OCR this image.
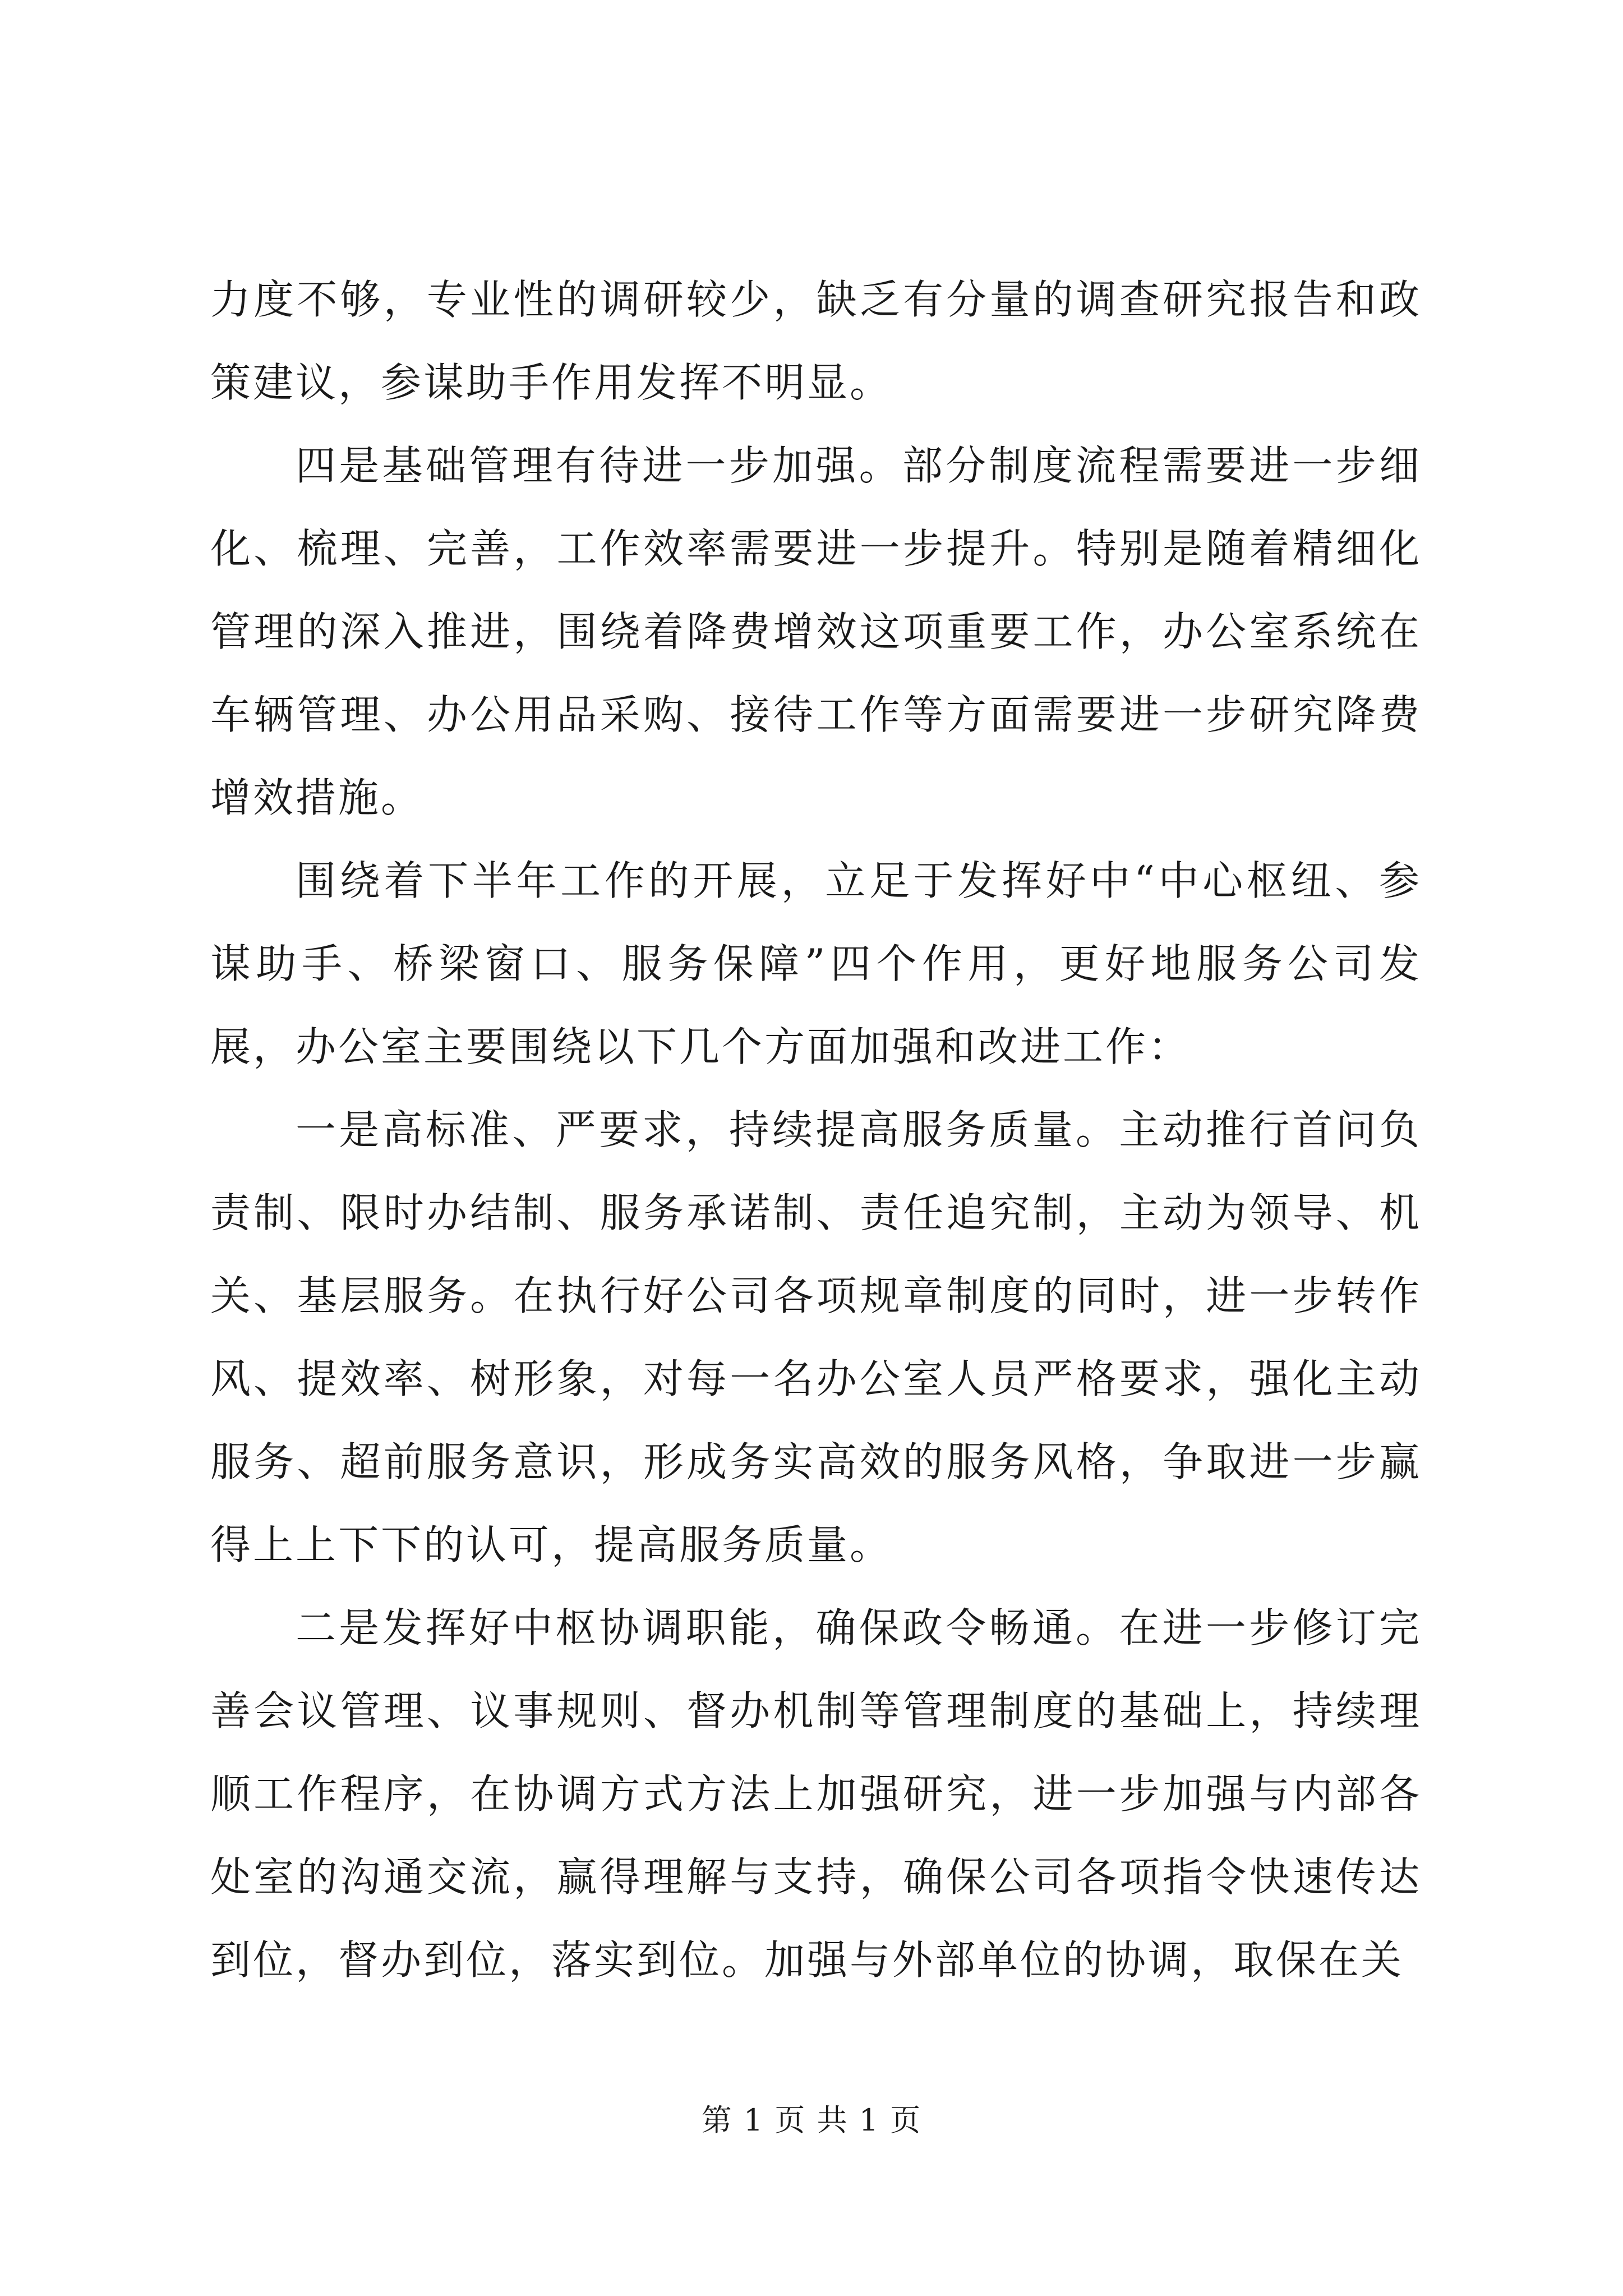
力度不够，专业性的调研较少，缺乏有分量的调查研究报告和政策建议，参谋助手作用发挥不明显。

四是基础管理有待进一步加强。部分制度流程需要进一步细化、梳理、完善，工作效率需要进一步提升。特别是随着精细化管理的深入推进，围绕着降费增效这项重要工作，办公室系统在车辆管理、办公用品采购、接待工作等方面需要进一步研究降费增效措施。

围绕着下半年工作的开展，立足于发挥好中“中心枢纽、参谋助手、桥梁窗口、服务保障”四个作用，更好地服务公司发展，办公室主要围绕以下几个方面加强和改进工作：

一是高标准、严要求，持续提高服务质量。主动推行首问负责制、限时办结制、服务承诺制、责任追究制，主动为领导、机关、基层服务。在执行好公司各项规章制度的同时，进一步转作风、提效率、树形象，对每一名办公室人员严格要求，强化主动服务、超前服务意识，形成务实高效的服务风格，争取进一步赢得上上下下的认可，提高服务质量。

二是发挥好中枢协调职能，确保政令畅通。在进一步修订完善会议管理、议事规则、督办机制等管理制度的基础上，持续理顺工作程序，在协调方式方法上加强研究，进一步加强与内部各处室的沟通交流，赢得理解与支持，确保公司各项指令快速传达到位，督办到位，落实到位。加强与外部单位的协调，取保在关

第 1 页 共 1 页
